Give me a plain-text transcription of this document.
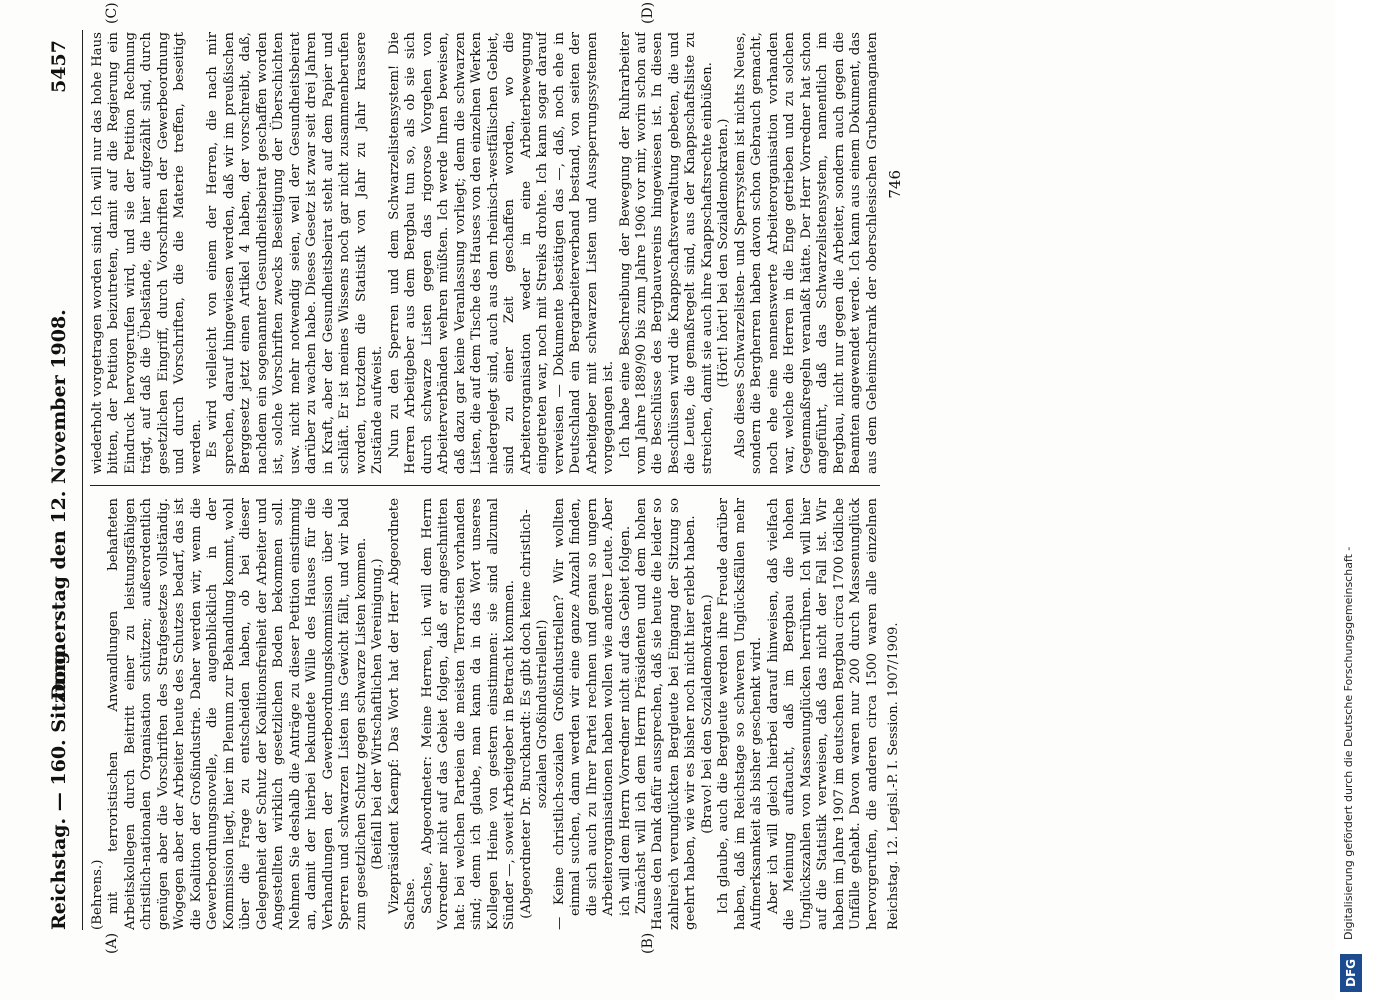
Reichstag. — 160. Sitzung.
Donnerstag den 12. November 1908.
5457
(A)	(B)
(C)	(D)

(Behrens.) mit terroristischen Anwandlungen behafteten Arbeitskollegen durch Beitritt einer zu leistungsfähigen christlich-nationalen Organisation schützen; außerordentlich genügen aber die Vorschriften des Strafgesetzes vollständig. Wogegen aber der Arbeiter heute des Schutzes bedarf, das ist die Koalition der Großindustrie. Daher werden wir, wenn die Gewerbeordnungsnovelle, die augenblicklich in der Kommission liegt, hier im Plenum zur Behandlung kommt, wohl über die Frage zu entscheiden haben, ob bei dieser Gelegenheit der Schutz der Koalitionsfreiheit der Arbeiter und Angestellten wirklich gesetzlichen Boden bekommen soll. Nehmen Sie deshalb die Anträge zu dieser Petition einstimmig an, damit der hierbei bekundete Wille des Hauses für die Verhandlungen der Gewerbeordnungskommission über die Sperren und schwarzen Listen ins Gewicht fällt, und wir bald zum gesetzlichen Schutz gegen schwarze Listen kommen. (Beifall bei der Wirtschaftlichen Vereinigung.) Vizepräsident Kaempf: Das Wort hat der Herr Abgeordnete Sachse. Sachse, Abgeordneter: Meine Herren, ich will dem Herrn Vorredner nicht auf das Gebiet folgen, daß er angeschnitten hat: bei welchen Parteien die meisten Terroristen vorhanden sind; denn ich glaube, man kann da in das Wort unseres Kollegen Heine von gestern einstimmen: sie sind allzumal Sünder —, soweit Arbeitgeber in Betracht kommen. (Abgeordneter Dr. Burckhardt: Es gibt doch keine christlich-sozialen Großindustriellen!) — Keine christlich-sozialen Großindustriellen? Wir wollten einmal suchen, dann werden wir eine ganze Anzahl finden, die sich auch zu Ihrer Partei rechnen und genau so ungern Arbeiterorganisationen haben wollen wie andere Leute. Aber ich will dem Herrn Vorredner nicht auf das Gebiet folgen. Zunächst will ich dem Herrn Präsidenten und dem hohen Hause den Dank dafür aussprechen, daß sie heute die leider so zahlreich verunglückten Bergleute bei Eingang der Sitzung so geehrt haben, wie wir es bisher noch nicht hier erlebt haben. (Bravo! bei den Sozialdemokraten.) Ich glaube, auch die Bergleute werden ihre Freude darüber haben, daß im Reichstage so schweren Unglücksfällen mehr Aufmerksamkeit als bisher geschenkt wird. Aber ich will gleich hierbei darauf hinweisen, daß vielfach die Meinung auftaucht, daß im Bergbau die hohen Unglückszahlen von Massenunglücken herrühren. Ich will hier auf die Statistik verweisen, daß das nicht der Fall ist. Wir haben im Jahre 1907 im deutschen Bergbau circa 1700 tödliche Unfälle gehabt. Davon waren nur 200 durch Massenunglück hervorgerufen, die anderen circa 1500 waren alle einzelnen

wiederholt vorgetragen worden sind. Ich will nur das hohe Haus bitten, der Petition beizutreten, damit auf die Regierung ein Eindruck hervorgerufen wird, und sie der Petition Rechnung trägt, auf daß die Übelstände, die hier aufgezählt sind, durch gesetzlichen Eingriff, durch Vorschriften der Gewerbeordnung und durch Vorschriften, die die Materie treffen, beseitigt werden. Es wird vielleicht von einem der Herren, die nach mir sprechen, darauf hingewiesen werden, daß wir im preußischen Berggesetz jetzt einen Artikel 4 haben, der vorschreibt, daß, nachdem ein sogenannter Gesundheitsbeirat geschaffen worden ist, solche Vorschriften zwecks Beseitigung der Überschichten usw. nicht mehr notwendig seien, weil der Gesundheitsbeirat darüber zu wachen habe. Dieses Gesetz ist zwar seit drei Jahren in Kraft, aber der Gesundheitsbeirat steht auf dem Papier und schläft. Er ist meines Wissens noch gar nicht zusammenberufen worden, trotzdem die Statistik von Jahr zu Jahr krassere Zustände aufweist. Nun zu den Sperren und dem Schwarzelistensystem! Die Herren Arbeitgeber aus dem Bergbau tun so, als ob sie sich durch schwarze Listen gegen das rigorose Vorgehen von Arbeiterverbänden wehren müßten. Ich werde Ihnen beweisen, daß dazu gar keine Veranlassung vorliegt; denn die schwarzen Listen, die auf dem Tische des Hauses von den einzelnen Werken niedergelegt sind, auch aus dem rheinisch-westfälischen Gebiet, sind zu einer Zeit geschaffen worden, wo die Arbeiterorganisation weder in eine Arbeiterbewegung eingetreten war, noch mit Streiks drohte. Ich kann sogar darauf verweisen — Dokumente bestätigen das —, daß, noch ehe in Deutschland ein Bergarbeiterverband bestand, von seiten der Arbeitgeber mit schwarzen Listen und Aussperrungssystemen vorgegangen ist. Ich habe eine Beschreibung der Bewegung der Ruhrarbeiter vom Jahre 1889/90 bis zum Jahre 1906 vor mir, worin schon auf die Beschlüsse des Bergbauvereins hingewiesen ist. In diesen Beschlüssen wird die Knappschaftsverwaltung gebeten, die und die Leute, die gemaßregelt sind, aus der Knappschaftsliste zu streichen, damit sie auch ihre Knappschaftsrechte einbüßen. (Hört! hört! bei den Sozialdemokraten.)

Also dieses Schwarzelisten- und Sperrsystem ist nichts Neues, sondern die Bergherren haben davon schon Gebrauch gemacht, noch ehe eine nennenswerte Arbeiterorganisation vorhanden war, welche die Herren in die Enge getrieben und zu solchen Gegenmaßregeln veranlaßt hätte. Der Herr Vorredner hat schon angeführt, daß das Schwarzelistensystem, namentlich im Bergbau, nicht nur gegen die Arbeiter, sondern auch gegen die Beamten angewendet werde. Ich kann aus einem Dokument, das aus dem Geheimschrank der oberschlesischen Grubenmagnaten

Reichstag. 12. Legisl.-P. I. Session. 1907/1909.
746
DFG
Digitalisierung gefördert durch die Deutsche Forschungsgemeinschaft -
